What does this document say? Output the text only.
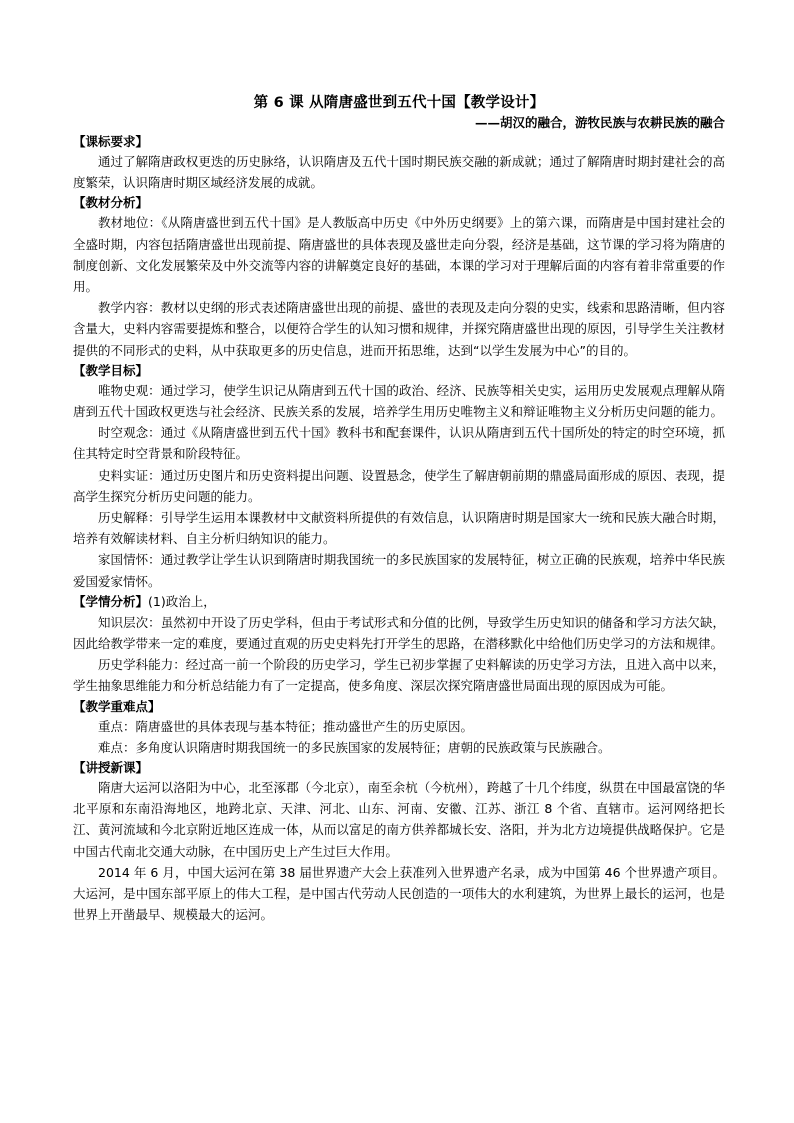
第 6 课 从隋唐盛世到五代十国【教学设计】
——胡汉的融合，游牧民族与农耕民族的融合
【课标要求】

通过了解隋唐政权更迭的历史脉络，认识隋唐及五代十国时期民族交融的新成就；通过了解隋唐时期封建社会的高度繁荣，认识隋唐时期区域经济发展的成就。

【教材分析】

教材地位：《从隋唐盛世到五代十国》是人教版高中历史《中外历史纲要》上的第六课，而隋唐是中国封建社会的全盛时期，内容包括隋唐盛世出现前提、隋唐盛世的具体表现及盛世走向分裂，经济是基础，这节课的学习将为隋唐的制度创新、文化发展繁荣及中外交流等内容的讲解奠定良好的基础，本课的学习对于理解后面的内容有着非常重要的作用。

教学内容：教材以史纲的形式表述隋唐盛世出现的前提、盛世的表现及走向分裂的史实，线索和思路清晰，但内容含量大，史料内容需要提炼和整合，以便符合学生的认知习惯和规律，并探究隋唐盛世出现的原因，引导学生关注教材提供的不同形式的史料，从中获取更多的历史信息，进而开拓思维，达到“以学生发展为中心”的目的。

【教学目标】

唯物史观：通过学习，使学生识记从隋唐到五代十国的政治、经济、民族等相关史实，运用历史发展观点理解从隋唐到五代十国政权更迭与社会经济、民族关系的发展，培养学生用历史唯物主义和辩证唯物主义分析历史问题的能力。

时空观念：通过《从隋唐盛世到五代十国》教科书和配套课件，认识从隋唐到五代十国所处的特定的时空环境，抓住其特定时空背景和阶段特征。

史料实证：通过历史图片和历史资料提出问题、设置悬念，使学生了解唐朝前期的鼎盛局面形成的原因、表现，提高学生探究分析历史问题的能力。

历史解释：引导学生运用本课教材中文献资料所提供的有效信息，认识隋唐时期是国家大一统和民族大融合时期，培养有效解读材料、自主分析归纳知识的能力。

家国情怀：通过教学让学生认识到隋唐时期我国统一的多民族国家的发展特征，树立正确的民族观，培养中华民族爱国爱家情怀。

【学情分析】(1)政治上，

知识层次：虽然初中开设了历史学科，但由于考试形式和分值的比例，导致学生历史知识的储备和学习方法欠缺，因此给教学带来一定的难度，要通过直观的历史史料先打开学生的思路，在潜移默化中给他们历史学习的方法和规律。

历史学科能力：经过高一前一个阶段的历史学习，学生已初步掌握了史料解读的历史学习方法，且进入高中以来，学生抽象思维能力和分析总结能力有了一定提高，使多角度、深层次探究隋唐盛世局面出现的原因成为可能。

【教学重难点】

重点：隋唐盛世的具体表现与基本特征；推动盛世产生的历史原因。

难点：多角度认识隋唐时期我国统一的多民族国家的发展特征；唐朝的民族政策与民族融合。

【讲授新课】

隋唐大运河以洛阳为中心，北至涿郡（今北京），南至余杭（今杭州），跨越了十几个纬度，纵贯在中国最富饶的华北平原和东南沿海地区，地跨北京、天津、河北、山东、河南、安徽、江苏、浙江 8 个省、直辖市。运河网络把长江、黄河流域和今北京附近地区连成一体，从而以富足的南方供养都城长安、洛阳，并为北方边境提供战略保护。它是中国古代南北交通大动脉，在中国历史上产生过巨大作用。

2014 年 6 月，中国大运河在第 38 届世界遗产大会上获准列入世界遗产名录，成为中国第 46 个世界遗产项目。大运河，是中国东部平原上的伟大工程，是中国古代劳动人民创造的一项伟大的水利建筑，为世界上最长的运河，也是世界上开凿最早、规模最大的运河。
